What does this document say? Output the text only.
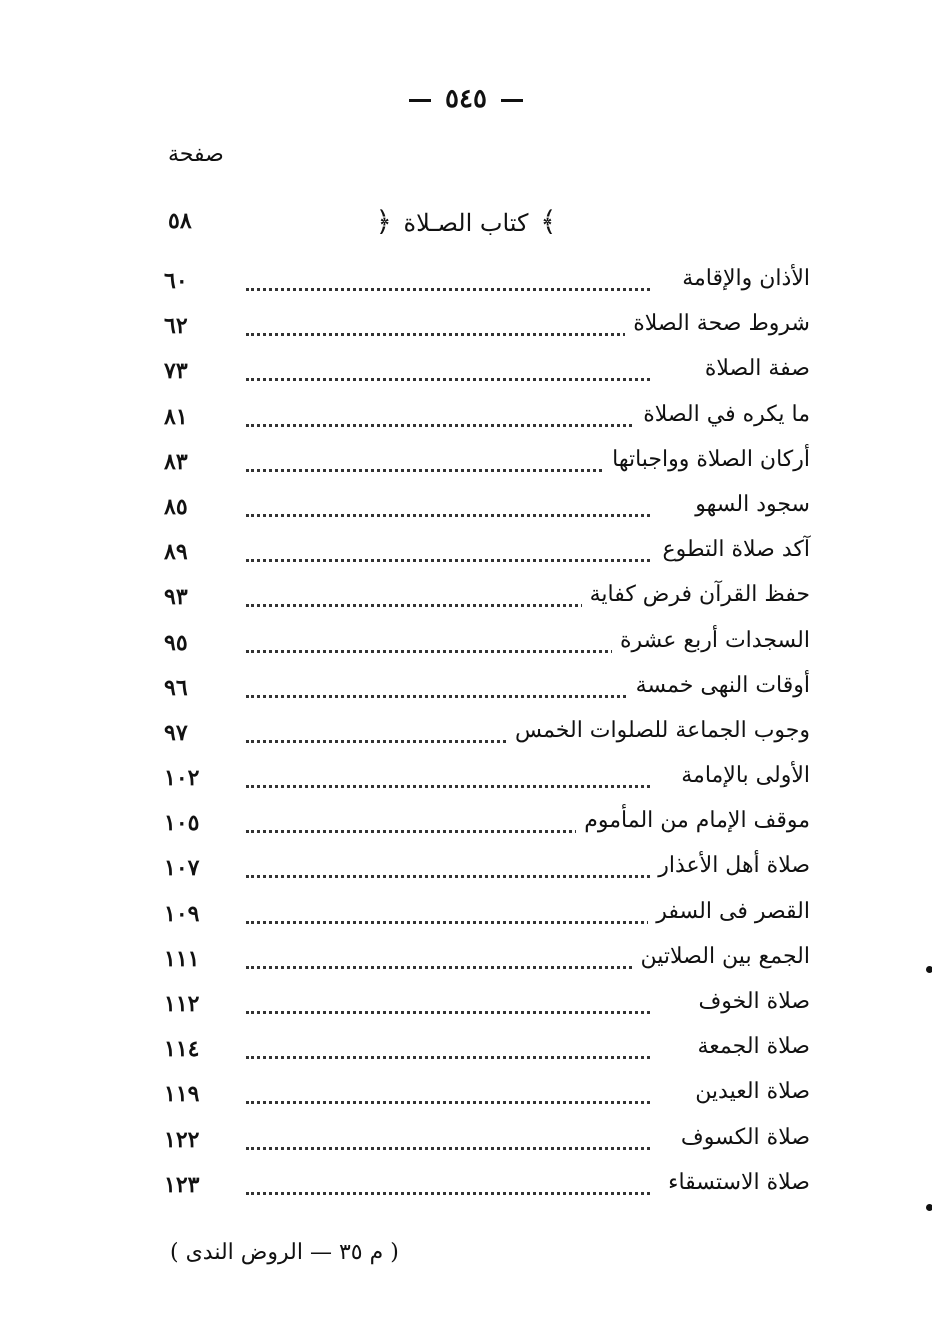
٥٤٥
صفحة
﴾ كتاب الصـلاة ﴿
٥٨
الأذان والإقامة
٦٠
شروط صحة الصلاة
٦٢
صفة الصلاة
٧٣
ما يكره في الصلاة
٨١
أركان الصلاة وواجباتها
٨٣
سجود السهو
٨٥
آكد صلاة التطوع
٨٩
حفظ القرآن فرض كفاية
٩٣
السجدات أربع عشرة
٩٥
أوقات النهى خمسة
٩٦
وجوب الجماعة للصلوات الخمس
٩٧
الأولى بالإمامة
١٠٢
موقف الإمام من المأموم
١٠٥
صلاة أهل الأعذار
١٠٧
القصر فى السفر
١٠٩
الجمع بين الصلاتين
١١١
صلاة الخوف
١١٢
صلاة الجمعة
١١٤
صلاة العيدين
١١٩
صلاة الكسوف
١٢٢
صلاة الاستسقاء
١٢٣
( م ٣٥ — الروض الندى )
